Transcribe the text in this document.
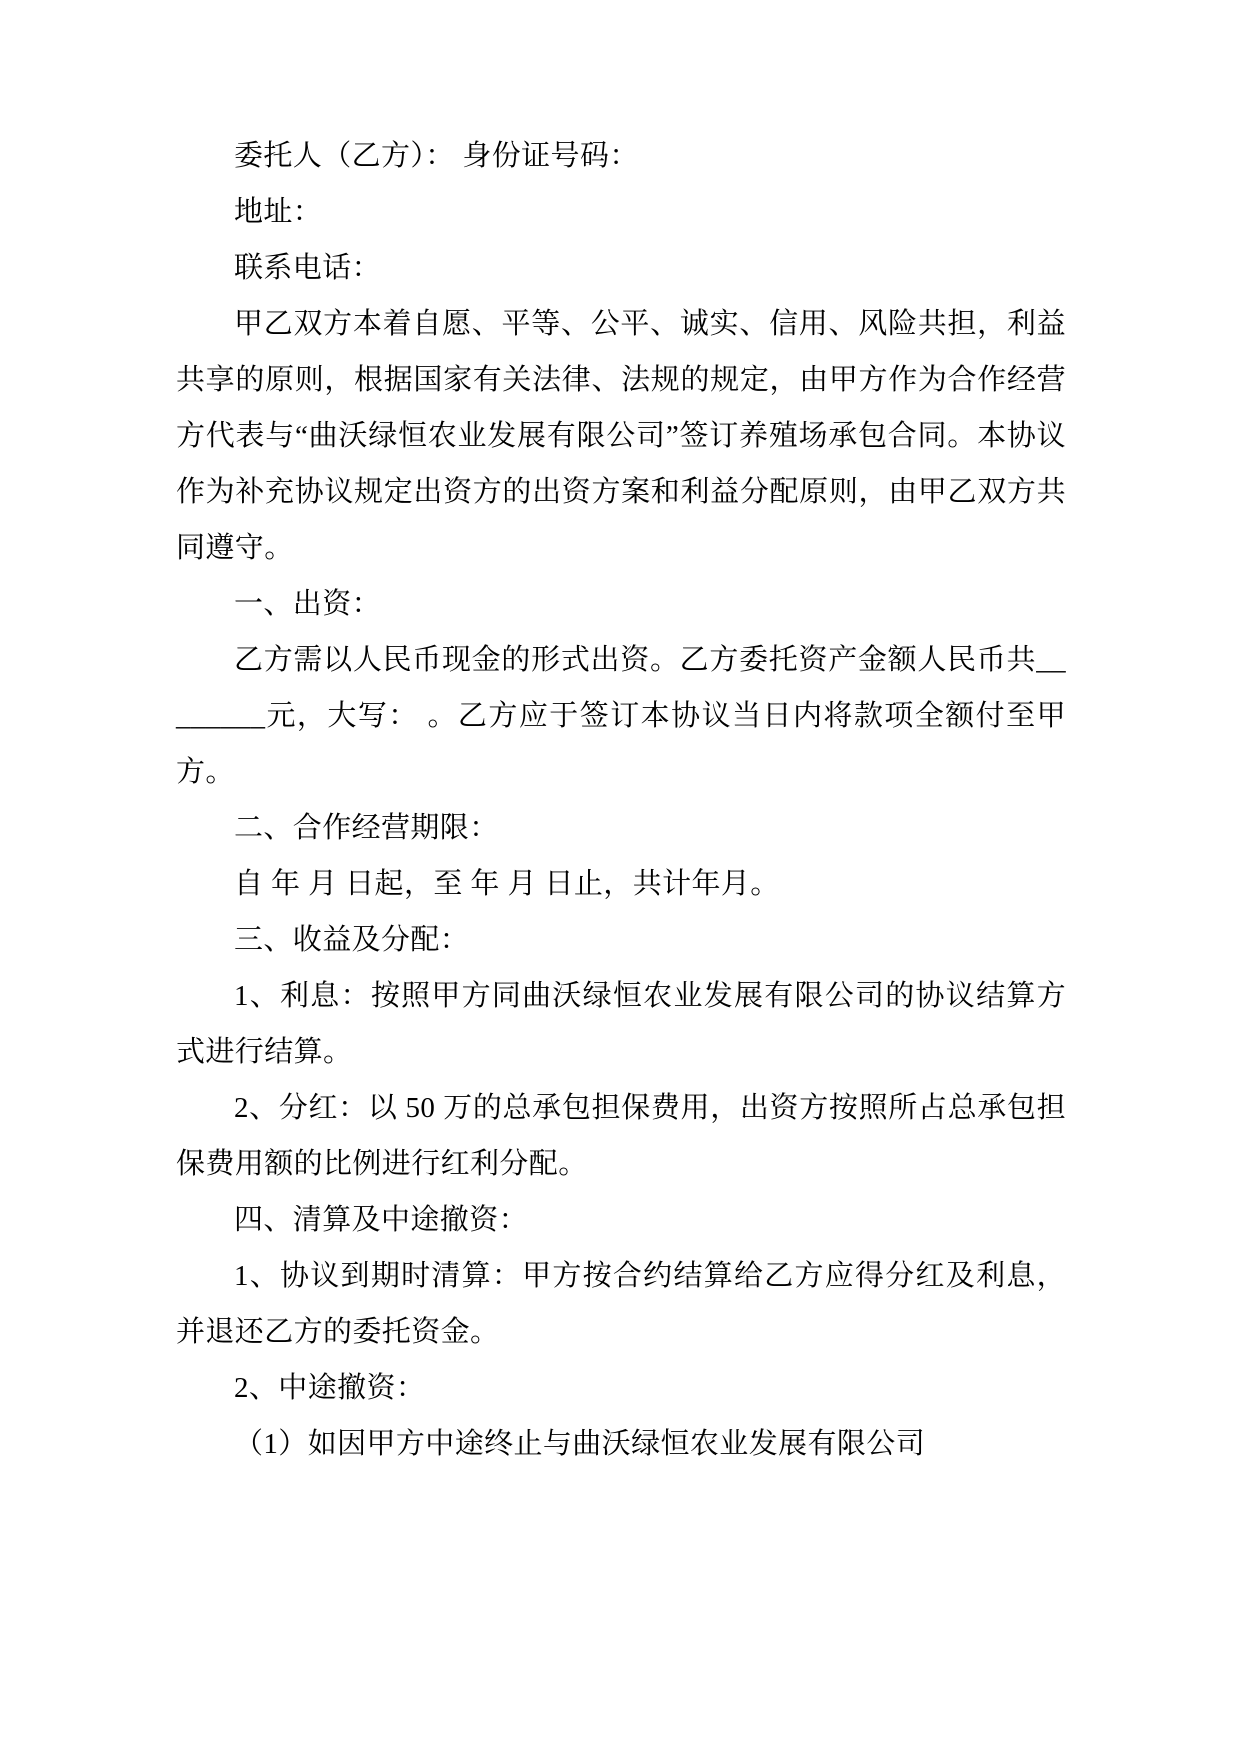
委托人（乙方）： 身份证号码：

地址：

联系电话：

甲乙双方本着自愿、平等、公平、诚实、信用、风险共担，利益共享的原则，根据国家有关法律、法规的规定，由甲方作为合作经营方代表与“曲沃绿恒农业发展有限公司”签订养殖场承包合同。本协议作为补充协议规定出资方的出资方案和利益分配原则，由甲乙双方共同遵守。

一、出资：

乙方需以人民币现金的形式出资。乙方委托资产金额人民币共________元，大写： 。乙方应于签订本协议当日内将款项全额付至甲方。

二、合作经营期限：

自 年 月 日起，至 年 月 日止，共计年月。

三、收益及分配：

1、利息：按照甲方同曲沃绿恒农业发展有限公司的协议结算方式进行结算。

2、分红：以 50 万的总承包担保费用，出资方按照所占总承包担保费用额的比例进行红利分配。

四、清算及中途撤资：

1、协议到期时清算：甲方按合约结算给乙方应得分红及利息，并退还乙方的委托资金。

2、中途撤资：

（1）如因甲方中途终止与曲沃绿恒农业发展有限公司
